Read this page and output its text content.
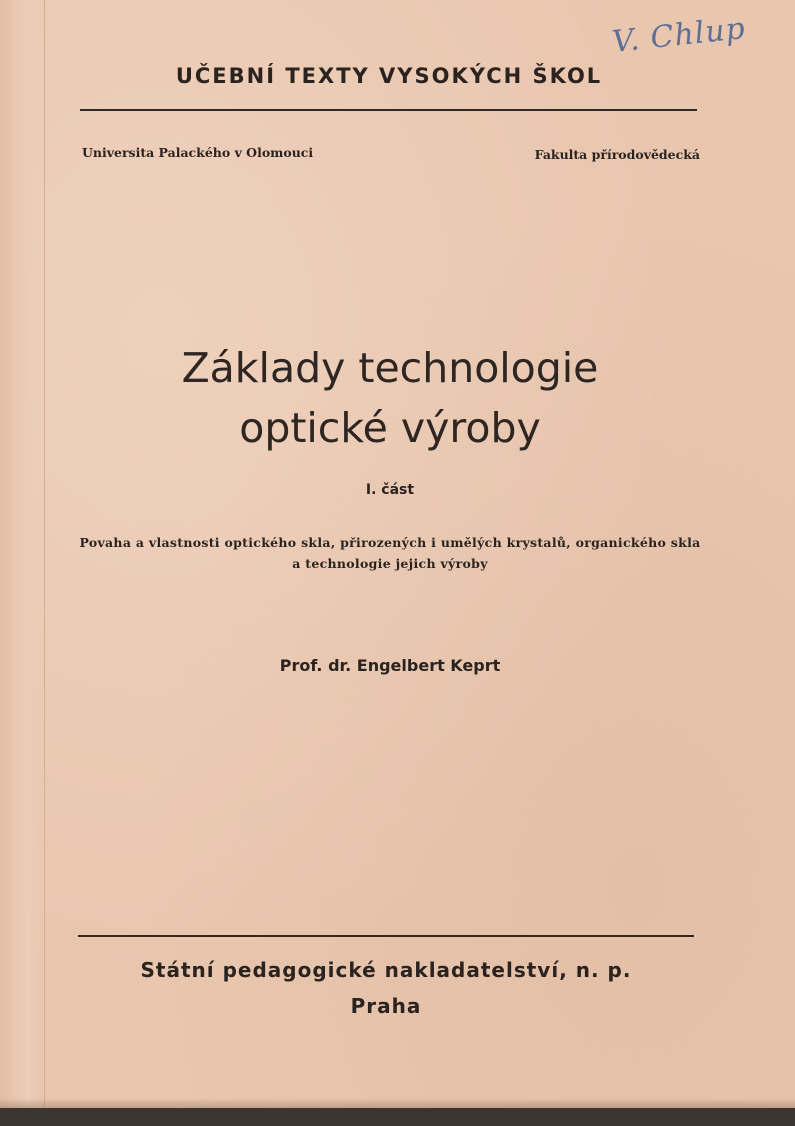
V. Chlup
UČEBNÍ TEXTY VYSOKÝCH ŠKOL
Universita Palackého v Olomouci	Fakulta přírodovědecká
Základy technologie
optické výroby
I. část
Povaha a vlastnosti optického skla, přirozených i umělých krystalů, organického skla
a technologie jejich výroby
Prof. dr. Engelbert Keprt
Státní pedagogické nakladatelství, n. p.
Praha
